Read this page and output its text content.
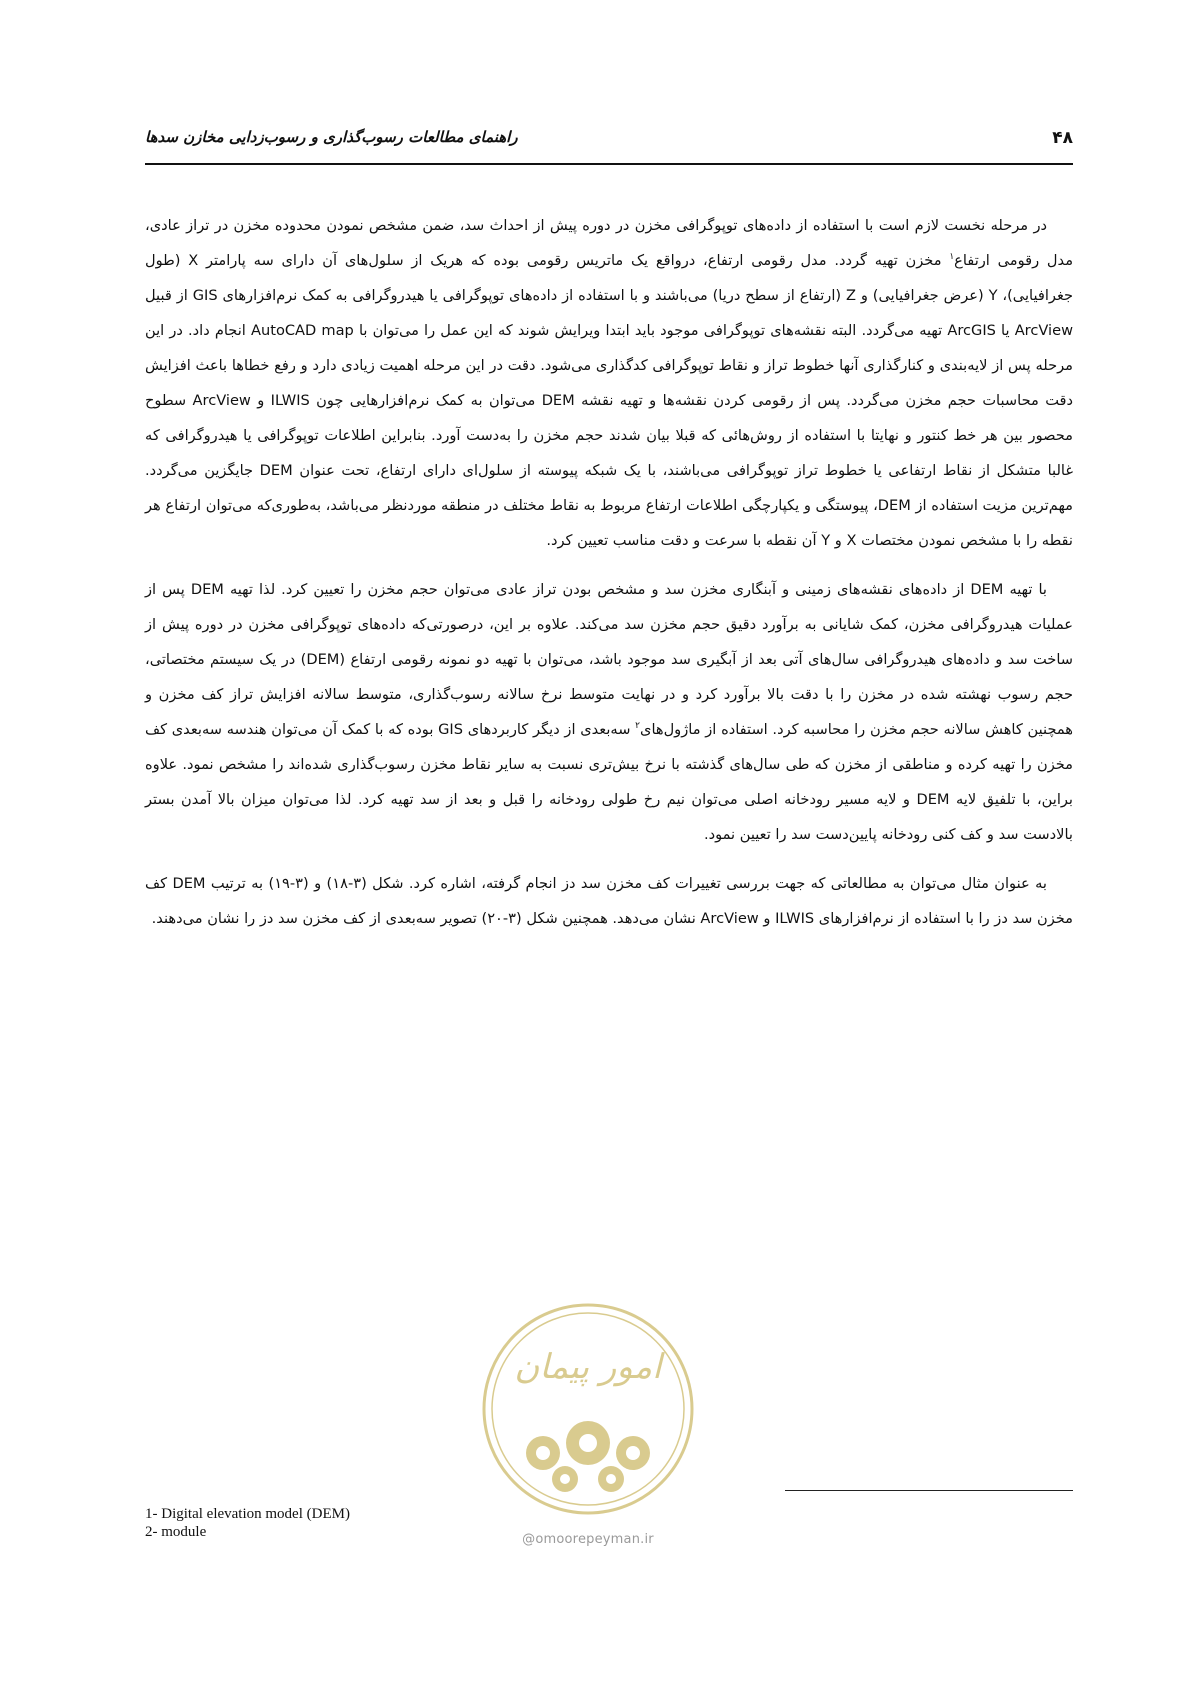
۴۸
راهنمای مطالعات رسوب‌گذاری و رسوب‌زدایی مخازن سدها

در مرحله نخست لازم است با استفاده از داده‌های توپوگرافی مخزن در دوره پیش از احداث سد، ضمن مشخص نمودن محدوده مخزن در تراز عادی، مدل رقومی ارتفاع$^۱$ مخزن تهیه گردد. مدل رقومی ارتفاع، درواقع یک ماتریس رقومی بوده که هریک از سلول‌های آن دارای سه پارامتر X (طول جغرافیایی)، Y (عرض جغرافیایی) و Z (ارتفاع از سطح دریا) می‌باشند و با استفاده از داده‌های توپوگرافی یا هیدروگرافی به کمک نرم‌افزارهای GIS از قبیل ArcView یا ArcGIS تهیه می‌گردد. البته نقشه‌های توپوگرافی موجود باید ابتدا ویرایش شوند که این عمل را می‌توان با AutoCAD map انجام داد. در این مرحله پس از لایه‌بندی و کنارگذاری آنها خطوط تراز و نقاط توپوگرافی کدگذاری می‌شود. دقت در این مرحله اهمیت زیادی دارد و رفع خطاها باعث افزایش دقت محاسبات حجم مخزن می‌گردد. پس از رقومی کردن نقشه‌ها و تهیه نقشه DEM می‌توان به کمک نرم‌افزارهایی چون ILWIS و ArcView سطوح محصور بین هر خط کنتور و نهایتا با استفاده از روش‌هائی که قبلا بیان شدند حجم مخزن را به‌دست آورد. بنابراین اطلاعات توپوگرافی یا هیدروگرافی که غالبا متشکل از نقاط ارتفاعی یا خطوط تراز توپوگرافی می‌باشند، با یک شبکه پیوسته از سلول‌ای دارای ارتفاع، تحت عنوان DEM جایگزین می‌گردد. مهم‌ترین مزیت استفاده از DEM، پیوستگی و یکپارچگی اطلاعات ارتفاع مربوط به نقاط مختلف در منطقه موردنظر می‌باشد، به‌طوری‌که می‌توان ارتفاع هر نقطه را با مشخص نمودن مختصات X و Y آن نقطه با سرعت و دقت مناسب تعیین کرد.

با تهیه DEM از داده‌های نقشه‌های زمینی و آبنگاری مخزن سد و مشخص بودن تراز عادی می‌توان حجم مخزن را تعیین کرد. لذا تهیه DEM پس از عملیات هیدروگرافی مخزن، کمک شایانی به برآورد دقیق حجم مخزن سد می‌کند. علاوه بر این، درصورتی‌که داده‌های توپوگرافی مخزن در دوره پیش از ساخت سد و داده‌های هیدروگرافی سال‌های آتی بعد از آبگیری سد موجود باشد، می‌توان با تهیه دو نمونه رقومی ارتفاع (DEM) در یک سیستم مختصاتی، حجم رسوب نهشته شده در مخزن را با دقت بالا برآورد کرد و در نهایت متوسط نرخ سالانه رسوب‌گذاری، متوسط سالانه افزایش تراز کف مخزن و همچنین کاهش سالانه حجم مخزن را محاسبه کرد. استفاده از ماژول‌های$^۲$ سه‌بعدی از دیگر کاربردهای GIS بوده که با کمک آن می‌توان هندسه سه‌بعدی کف مخزن را تهیه کرده و مناطقی از مخزن که طی سال‌های گذشته با نرخ بیش‌تری نسبت به سایر نقاط مخزن رسوب‌گذاری شده‌اند را مشخص نمود. علاوه براین، با تلفیق لایه DEM و لایه مسیر رودخانه اصلی می‌توان نیم رخ طولی رودخانه را قبل و بعد از سد تهیه کرد. لذا می‌توان میزان بالا آمدن بستر بالادست سد و کف کنی رودخانه پایین‌دست سد را تعیین نمود.

به عنوان مثال می‌توان به مطالعاتی که جهت بررسی تغییرات کف مخزن سد دز انجام گرفته، اشاره کرد. شکل (۳-۱۸) و (۳-۱۹) به ترتیب DEM کف مخزن سد دز را با استفاده از نرم‌افزارهای ILWIS و ArcView نشان می‌دهد. همچنین شکل (۳-۲۰) تصویر سه‌بعدی از کف مخزن سد دز را نشان می‌دهند.

امور پیمان
@omoorepeyman.ir
1- Digital elevation model (DEM)
2- module
